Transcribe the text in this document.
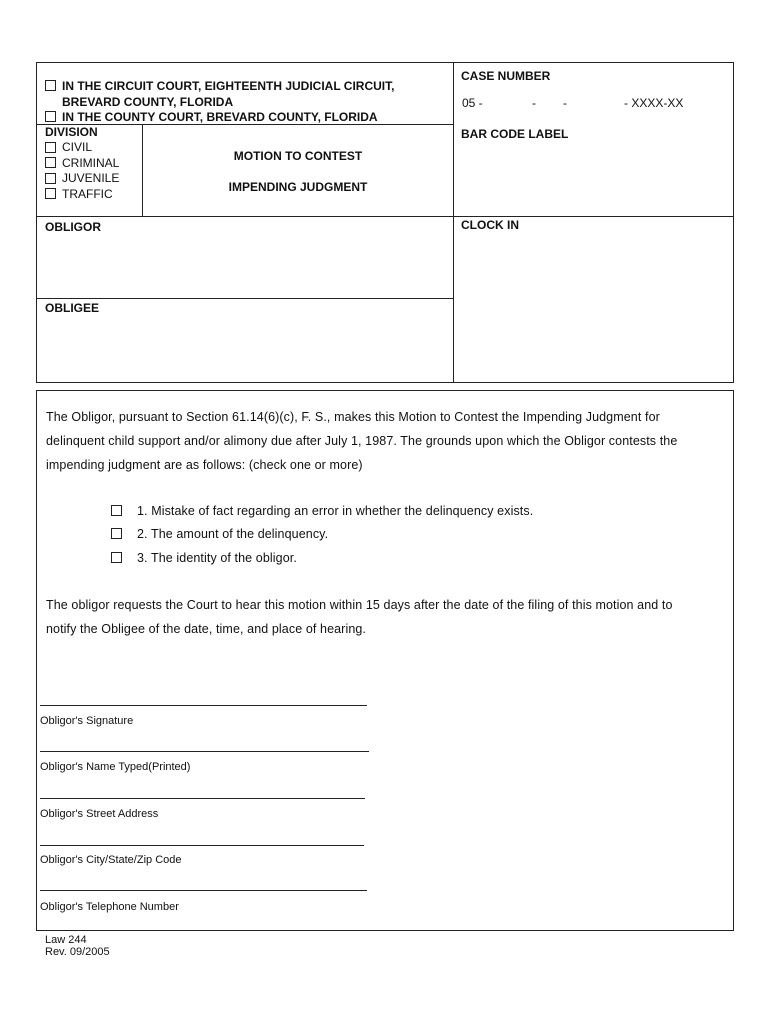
IN THE CIRCUIT COURT, EIGHTEENTH JUDICIAL CIRCUIT,
BREVARD COUNTY, FLORIDA
IN THE COUNTY COURT, BREVARD COUNTY, FLORIDA
CASE NUMBER
05 -	- -	- XXXX-XX
BAR CODE LABEL
DIVISION
CIVIL
CRIMINAL
JUVENILE
TRAFFIC
MOTION TO CONTEST
IMPENDING JUDGMENT
OBLIGOR	CLOCK IN
OBLIGEE
The Obligor, pursuant to Section 61.14(6)(c), F. S., makes this Motion to Contest the Impending Judgment for
delinquent child support and/or alimony due after July 1, 1987. The grounds upon which the Obligor contests the
impending judgment are as follows: (check one or more)
1. Mistake of fact regarding an error in whether the delinquency exists.
2. The amount of the delinquency.
3. The identity of the obligor.
The obligor requests the Court to hear this motion within 15 days after the date of the filing of this motion and to
notify the Obligee of the date, time, and place of hearing.
Obligor's Signature
Obligor's Name Typed(Printed)
Obligor's Street Address
Obligor's City/State/Zip Code
Obligor's Telephone Number
Law 244
Rev. 09/2005
